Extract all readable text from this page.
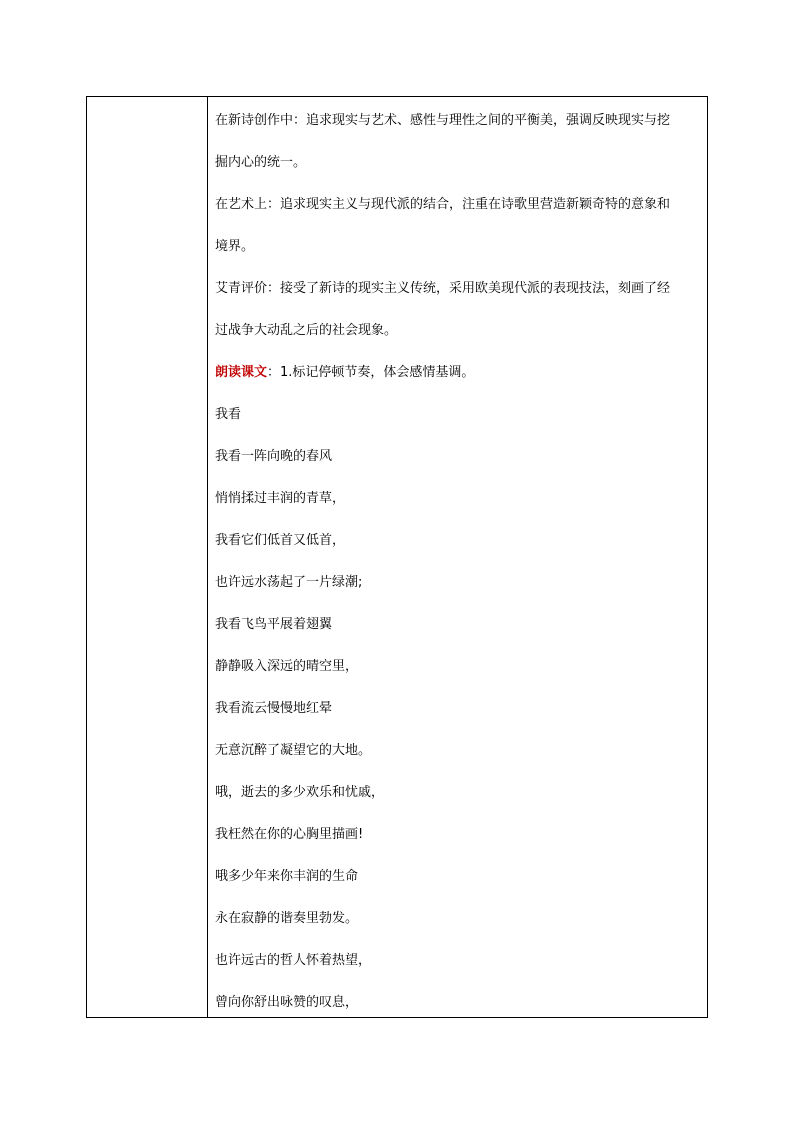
在新诗创作中：追求现实与艺术、感性与理性之间的平衡美，强调反映现实与挖

掘内心的统一。

在艺术上：追求现实主义与现代派的结合，注重在诗歌里营造新颖奇特的意象和

境界。

艾青评价：接受了新诗的现实主义传统，采用欧美现代派的表现技法，刻画了经

过战争大动乱之后的社会现象。

朗读课文：1.标记停顿节奏，体会感情基调。

我看

我看一阵向晚的春风

悄悄揉过丰润的青草，

我看它们低首又低首，

也许远水荡起了一片绿潮;

我看飞鸟平展着翅翼

静静吸入深远的晴空里，

我看流云慢慢地红晕

无意沉醉了凝望它的大地。

哦，逝去的多少欢乐和忧戚，

我枉然在你的心胸里描画!

哦多少年来你丰润的生命

永在寂静的谐奏里勃发。

也许远古的哲人怀着热望，

曾向你舒出咏赞的叹息，
